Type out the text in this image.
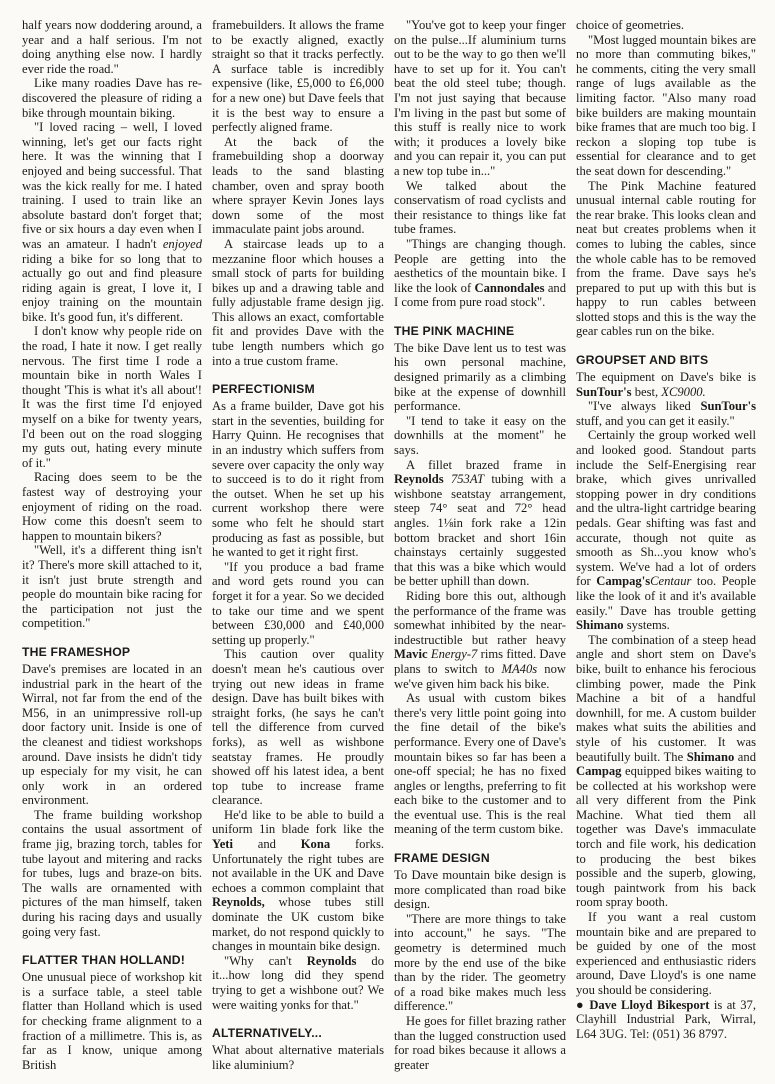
half years now doddering around, a year and a half serious. I'm not doing anything else now. I hardly ever ride the road."

Like many roadies Dave has re-discovered the pleasure of riding a bike through mountain biking.

"I loved racing – well, I loved winning, let's get our facts right here. It was the winning that I enjoyed and being successful. That was the kick really for me. I hated training. I used to train like an absolute bastard don't forget that; five or six hours a day even when I was an amateur. I hadn't enjoyed riding a bike for so long that to actually go out and find pleasure riding again is great, I love it, I enjoy training on the mountain bike. It's good fun, it's different.

I don't know why people ride on the road, I hate it now. I get really nervous. The first time I rode a mountain bike in north Wales I thought 'This is what it's all about'! It was the first time I'd enjoyed myself on a bike for twenty years, I'd been out on the road slogging my guts out, hating every minute of it."

Racing does seem to be the fastest way of destroying your enjoyment of riding on the road. How come this doesn't seem to happen to mountain bikers?

"Well, it's a different thing isn't it? There's more skill attached to it, it isn't just brute strength and people do mountain bike racing for the participation not just the competition."

THE FRAMESHOP

Dave's premises are located in an industrial park in the heart of the Wirral, not far from the end of the M56, in an unimpressive roll-up door factory unit. Inside is one of the cleanest and tidiest workshops around. Dave insists he didn't tidy up especialy for my visit, he can only work in an ordered environment.

The frame building workshop contains the usual assortment of frame jig, brazing torch, tables for tube layout and mitering and racks for tubes, lugs and braze-on bits. The walls are ornamented with pictures of the man himself, taken during his racing days and usually going very fast.

FLATTER THAN HOLLAND!

One unusual piece of workshop kit is a surface table, a steel table flatter than Holland which is used for checking frame alignment to a fraction of a millimetre. This is, as far as I know, unique among British

framebuilders. It allows the frame to be exactly aligned, exactly straight so that it tracks perfectly. A surface table is incredibly expensive (like, £5,000 to £6,000 for a new one) but Dave feels that it is the best way to ensure a perfectly aligned frame.

At the back of the framebuilding shop a doorway leads to the sand blasting chamber, oven and spray booth where sprayer Kevin Jones lays down some of the most immaculate paint jobs around.

A staircase leads up to a mezzanine floor which houses a small stock of parts for building bikes up and a drawing table and fully adjustable frame design jig. This allows an exact, comfortable fit and provides Dave with the tube length numbers which go into a true custom frame.

PERFECTIONISM

As a frame builder, Dave got his start in the seventies, building for Harry Quinn. He recognises that in an industry which suffers from severe over capacity the only way to succeed is to do it right from the outset. When he set up his current workshop there were some who felt he should start producing as fast as possible, but he wanted to get it right first.

"If you produce a bad frame and word gets round you can forget it for a year. So we decided to take our time and we spent between £30,000 and £40,000 setting up properly."

This caution over quality doesn't mean he's cautious over trying out new ideas in frame design. Dave has built bikes with straight forks, (he says he can't tell the difference from curved forks), as well as wishbone seatstay frames. He proudly showed off his latest idea, a bent top tube to increase frame clearance.

He'd like to be able to build a uniform 1in blade fork like the Yeti and Kona forks. Unfortunately the right tubes are not available in the UK and Dave echoes a common complaint that Reynolds, whose tubes still dominate the UK custom bike market, do not respond quickly to changes in mountain bike design.

"Why can't Reynolds do it...how long did they spend trying to get a wishbone out? We were waiting yonks for that."

ALTERNATIVELY...

What about alternative materials like aluminium?

"You've got to keep your finger on the pulse...If aluminium turns out to be the way to go then we'll have to set up for it. You can't beat the old steel tube; though. I'm not just saying that because I'm living in the past but some of this stuff is really nice to work with; it produces a lovely bike and you can repair it, you can put a new top tube in..."

We talked about the conservatism of road cyclists and their resistance to things like fat tube frames.

"Things are changing though. People are getting into the aesthetics of the mountain bike. I like the look of Cannondales and I come from pure road stock".

THE PINK MACHINE

The bike Dave lent us to test was his own personal machine, designed primarily as a climbing bike at the expense of downhill performance.

"I tend to take it easy on the downhills at the moment" he says.

A fillet brazed frame in Reynolds 753AT tubing with a wishbone seatstay arrangement, steep 74° seat and 72° head angles. 1⅛in fork rake a 12in bottom bracket and short 16in chainstays certainly suggested that this was a bike which would be better uphill than down.

Riding bore this out, although the performance of the frame was somewhat inhibited by the near-indestructible but rather heavy Mavic Energy-7 rims fitted. Dave plans to switch to MA40s now we've given him back his bike.

As usual with custom bikes there's very little point going into the fine detail of the bike's performance. Every one of Dave's mountain bikes so far has been a one-off special; he has no fixed angles or lengths, preferring to fit each bike to the customer and to the eventual use. This is the real meaning of the term custom bike.

FRAME DESIGN

To Dave mountain bike design is more complicated than road bike design.

"There are more things to take into account," he says. "The geometry is determined much more by the end use of the bike than by the rider. The geometry of a road bike makes much less difference."

He goes for fillet brazing rather than the lugged construction used for road bikes because it allows a greater

choice of geometries.

"Most lugged mountain bikes are no more than commuting bikes," he comments, citing the very small range of lugs available as the limiting factor. "Also many road bike builders are making mountain bike frames that are much too big. I reckon a sloping top tube is essential for clearance and to get the seat down for descending."

The Pink Machine featured unusual internal cable routing for the rear brake. This looks clean and neat but creates problems when it comes to lubing the cables, since the whole cable has to be removed from the frame. Dave says he's prepared to put up with this but is happy to run cables between slotted stops and this is the way the gear cables run on the bike.

GROUPSET AND BITS

The equipment on Dave's bike is SunTour's best, XC9000.

"I've always liked SunTour's stuff, and you can get it easily."

Certainly the group worked well and looked good. Standout parts include the Self-Energising rear brake, which gives unrivalled stopping power in dry conditions and the ultra-light cartridge bearing pedals. Gear shifting was fast and accurate, though not quite as smooth as Sh...you know who's system. We've had a lot of orders for Campag'sCentaur too. People like the look of it and it's available easily." Dave has trouble getting Shimano systems.

The combination of a steep head angle and short stem on Dave's bike, built to enhance his ferocious climbing power, made the Pink Machine a bit of a handful downhill, for me. A custom builder makes what suits the abilities and style of his customer. It was beautifully built. The Shimano and Campag equipped bikes waiting to be collected at his workshop were all very different from the Pink Machine. What tied them all together was Dave's immaculate torch and file work, his dedication to producing the best bikes possible and the superb, glowing, tough paintwork from his back room spray booth.

If you want a real custom mountain bike and are prepared to be guided by one of the most experienced and enthusiastic riders around, Dave Lloyd's is one name you should be considering.

● Dave Lloyd Bikesport is at 37, Clayhill Industrial Park, Wirral, L64 3UG. Tel: (051) 36 8797.
